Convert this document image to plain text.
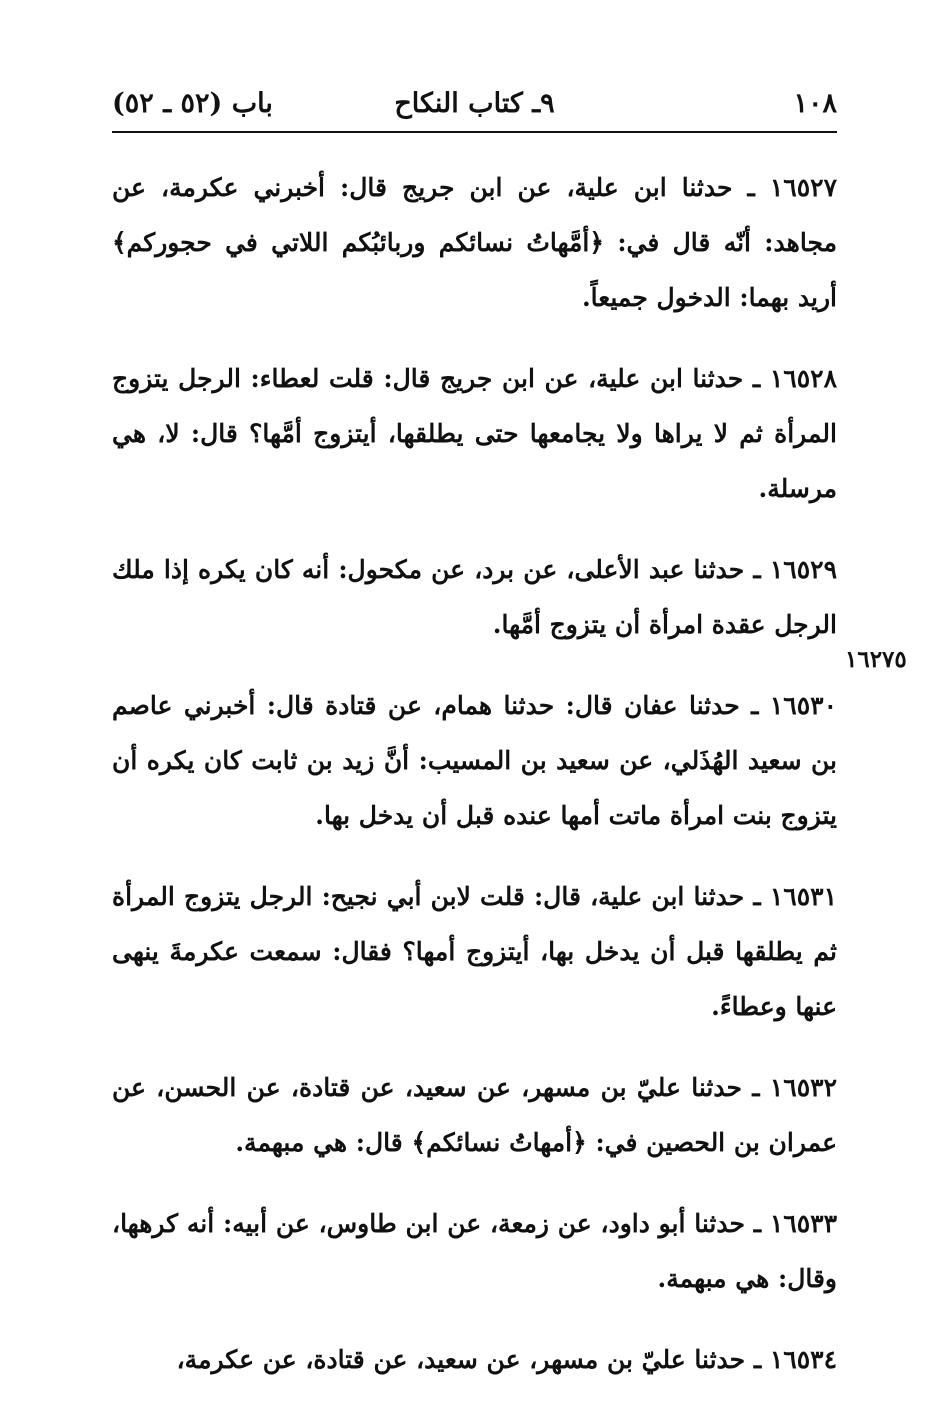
١٠٨
٩ـ كتاب النكاح
باب (٥٢ ـ ٥٢)
١٦٢٧٥

١٦٥٢٧ ـ حدثنا ابن علية، عن ابن جريج قال: أخبرني عكرمة، عن مجاهد: أنّه قال في: ﴿أمَّهاتُ نسائكم وربائبُكم اللاتي في حجوركم﴾ أريد بهما: الدخول جميعاً.

١٦٥٢٨ ـ حدثنا ابن علية، عن ابن جريج قال: قلت لعطاء: الرجل يتزوج المرأة ثم لا يراها ولا يجامعها حتى يطلقها، أيتزوج أمَّها؟ قال: لا، هي مرسلة.

١٦٥٢٩ ـ حدثنا عبد الأعلى، عن برد، عن مكحول: أنه كان يكره إذا ملك الرجل عقدة امرأة أن يتزوج أمَّها.

١٦٥٣٠ ـ حدثنا عفان قال: حدثنا همام، عن قتادة قال: أخبرني عاصم بن سعيد الهُذَلي، عن سعيد بن المسيب: أنَّ زيد بن ثابت كان يكره أن يتزوج بنت امرأة ماتت أمها عنده قبل أن يدخل بها.

١٦٥٣١ ـ حدثنا ابن علية، قال: قلت لابن أبي نجيح: الرجل يتزوج المرأة ثم يطلقها قبل أن يدخل بها، أيتزوج أمها؟ فقال: سمعت عكرمةَ ينهى عنها وعطاءً.

١٦٥٣٢ ـ حدثنا عليّ بن مسهر، عن سعيد، عن قتادة، عن الحسن، عن عمران بن الحصين في: ﴿أمهاتُ نسائكم﴾ قال: هي مبهمة.

١٦٥٣٣ ـ حدثنا أبو داود، عن زمعة، عن ابن طاوس، عن أبيه: أنه كرهها، وقال: هي مبهمة.

١٦٥٣٤ ـ حدثنا عليّ بن مسهر، عن سعيد، عن قتادة، عن عكرمة،
